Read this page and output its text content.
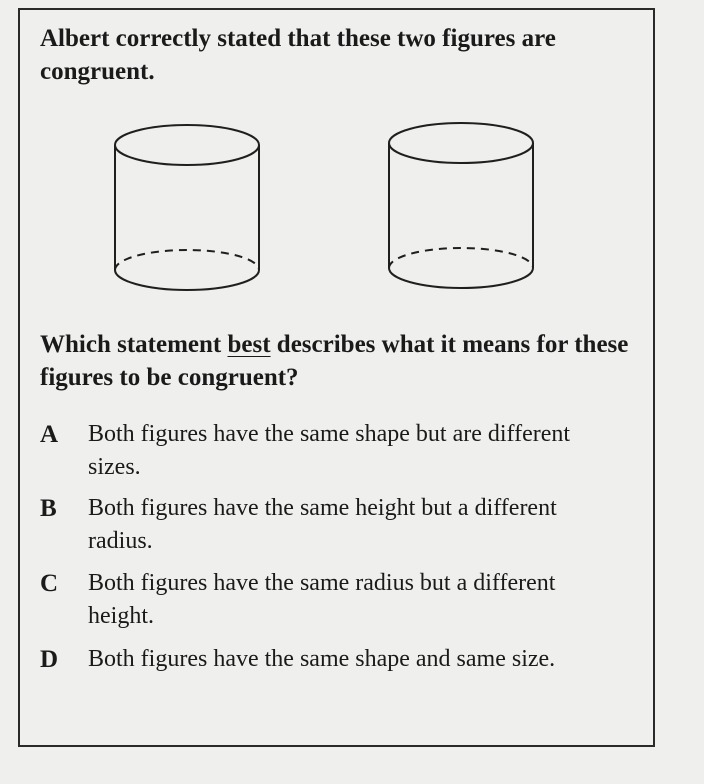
Albert correctly stated that these two figures are congruent.
Which statement best describes what it means for these figures to be congruent?
A Both figures have the same shape but are different sizes.
B Both figures have the same height but a different radius.
C Both figures have the same radius but a different height.
D Both figures have the same shape and same size.
